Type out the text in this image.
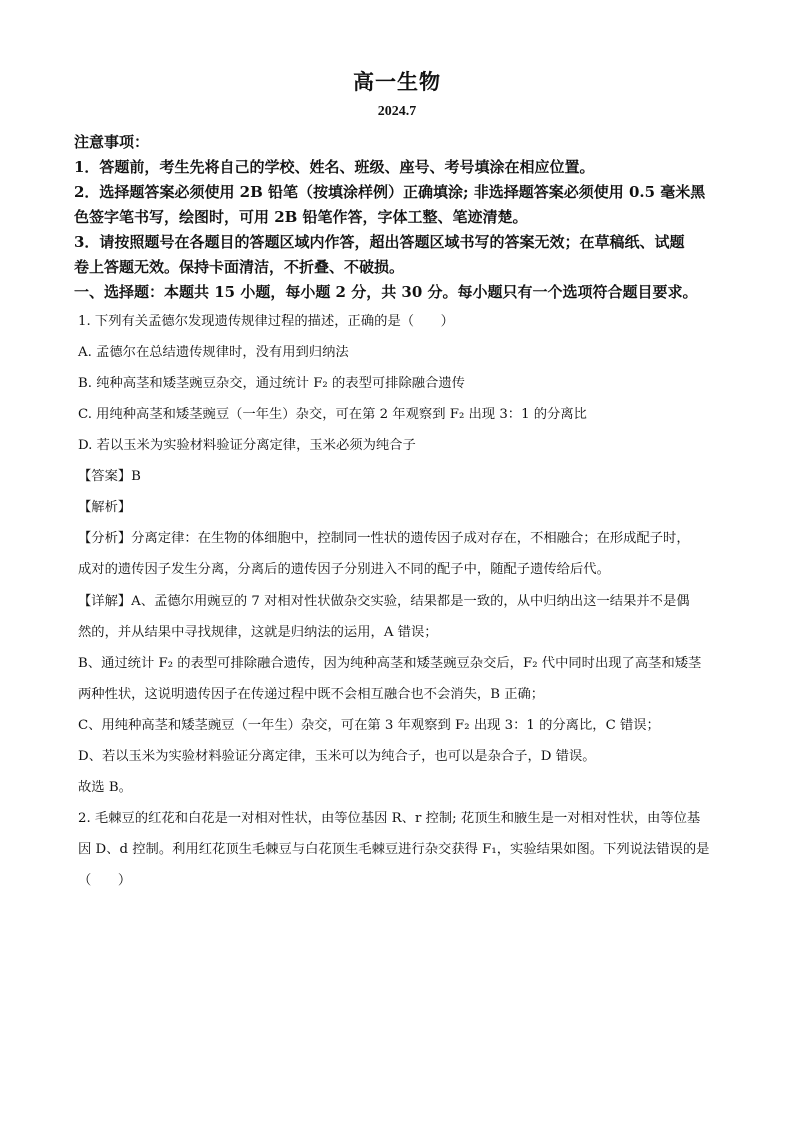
高一生物
2024.7
注意事项：
1．答题前，考生先将自己的学校、姓名、班级、座号、考号填涂在相应位置。
2．选择题答案必须使用 2B 铅笔（按填涂样例）正确填涂; 非选择题答案必须使用 0.5 毫米黑
色签字笔书写，绘图时，可用 2B 铅笔作答，字体工整、笔迹清楚。
3．请按照题号在各题目的答题区域内作答，超出答题区域书写的答案无效；在草稿纸、试题
卷上答题无效。保持卡面清洁，不折叠、不破损。
一、选择题：本题共 15 小题，每小题 2 分，共 30 分。每小题只有一个选项符合题目要求。
1. 下列有关孟德尔发现遗传规律过程的描述，正确的是（　　）
A. 孟德尔在总结遗传规律时，没有用到归纳法
B. 纯种高茎和矮茎豌豆杂交，通过统计 F₂ 的表型可排除融合遗传
C. 用纯种高茎和矮茎豌豆（一年生）杂交，可在第 2 年观察到 F₂ 出现 3：1 的分离比
D. 若以玉米为实验材料验证分离定律，玉米必须为纯合子
【答案】B
【解析】
【分析】分离定律：在生物的体细胞中，控制同一性状的遗传因子成对存在，不相融合；在形成配子时，
成对的遗传因子发生分离，分离后的遗传因子分别进入不同的配子中，随配子遗传给后代。
【详解】A、孟德尔用豌豆的 7 对相对性状做杂交实验，结果都是一致的，从中归纳出这一结果并不是偶
然的，并从结果中寻找规律，这就是归纳法的运用，A 错误；
B、通过统计 F₂ 的表型可排除融合遗传，因为纯种高茎和矮茎豌豆杂交后，F₂ 代中同时出现了高茎和矮茎
两种性状，这说明遗传因子在传递过程中既不会相互融合也不会消失，B 正确；
C、用纯种高茎和矮茎豌豆（一年生）杂交，可在第 3 年观察到 F₂ 出现 3：1 的分离比，C 错误；
D、若以玉米为实验材料验证分离定律，玉米可以为纯合子，也可以是杂合子，D 错误。
故选 B。
2. 毛棘豆的红花和白花是一对相对性状，由等位基因 R、r 控制; 花顶生和腋生是一对相对性状，由等位基
因 D、d 控制。利用红花顶生毛棘豆与白花顶生毛棘豆进行杂交获得 F₁，实验结果如图。下列说法错误的是
（　　）
